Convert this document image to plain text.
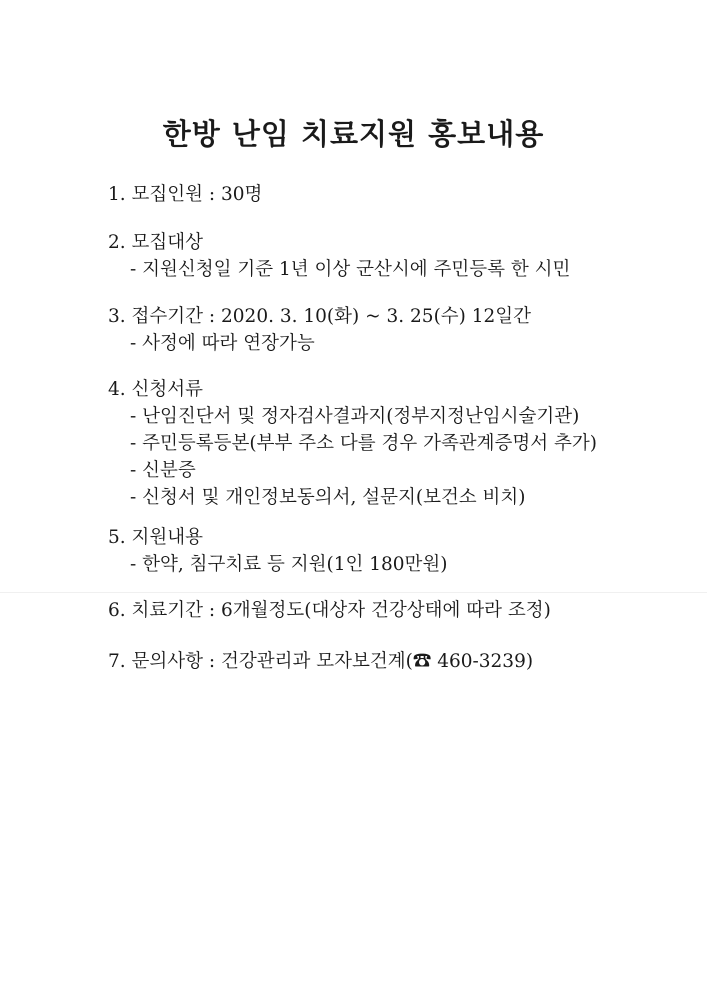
한방 난임 치료지원 홍보내용
1. 모집인원 : 30명
2. 모집대상
- 지원신청일 기준 1년 이상 군산시에 주민등록 한 시민
3. 접수기간 : 2020. 3. 10(화) ~ 3. 25(수) 12일간
- 사정에 따라 연장가능
4. 신청서류
- 난임진단서 및 정자검사결과지(정부지정난임시술기관)
- 주민등록등본(부부 주소 다를 경우 가족관계증명서 추가)
- 신분증
- 신청서 및 개인정보동의서, 설문지(보건소 비치)
5. 지원내용
- 한약, 침구치료 등 지원(1인 180만원)
6. 치료기간 : 6개월정도(대상자 건강상태에 따라 조정)
7. 문의사항 : 건강관리과 모자보건계(☎ 460-3239)
